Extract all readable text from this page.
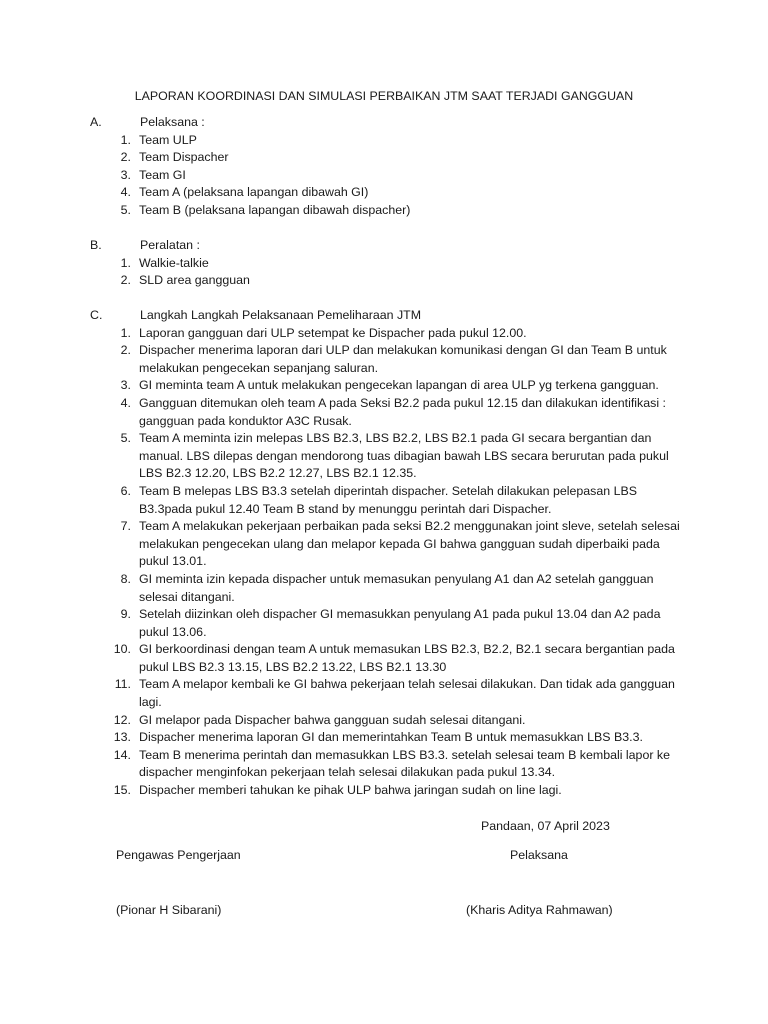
LAPORAN KOORDINASI DAN SIMULASI PERBAIKAN JTM SAAT TERJADI GANGGUAN
A.	Pelaksana :
1. Team ULP
2. Team Dispacher
3. Team GI
4. Team A (pelaksana lapangan dibawah GI)
5. Team B (pelaksana lapangan dibawah dispacher)
B.	Peralatan :
1. Walkie-talkie
2. SLD area gangguan
C.	Langkah Langkah Pelaksanaan Pemeliharaan JTM
1. Laporan gangguan dari ULP setempat ke Dispacher pada pukul 12.00.
2. Dispacher menerima laporan dari ULP dan melakukan komunikasi dengan GI dan Team B untuk melakukan pengecekan sepanjang saluran.
3. GI meminta team A untuk melakukan pengecekan lapangan di area ULP yg terkena gangguan.
4. Gangguan ditemukan oleh team A pada Seksi B2.2 pada pukul 12.15 dan dilakukan identifikasi : gangguan pada konduktor A3C Rusak.
5. Team A meminta izin melepas LBS B2.3, LBS B2.2, LBS B2.1 pada GI secara bergantian dan manual. LBS dilepas dengan mendorong tuas dibagian bawah LBS secara berurutan pada pukul LBS B2.3 12.20, LBS B2.2 12.27, LBS B2.1 12.35.
6. Team B melepas LBS B3.3 setelah diperintah dispacher. Setelah dilakukan pelepasan LBS B3.3pada pukul 12.40 Team B stand by menunggu perintah dari Dispacher.
7. Team A melakukan pekerjaan perbaikan pada seksi B2.2 menggunakan joint sleve, setelah selesai melakukan pengecekan ulang dan melapor kepada GI bahwa gangguan sudah diperbaiki pada pukul 13.01.
8. GI meminta izin kepada dispacher untuk memasukan penyulang A1 dan A2 setelah gangguan selesai ditangani.
9. Setelah diizinkan oleh dispacher GI memasukkan penyulang A1 pada pukul 13.04 dan A2 pada pukul 13.06.
10. GI berkoordinasi dengan team A untuk memasukan LBS B2.3, B2.2, B2.1 secara bergantian pada pukul LBS B2.3 13.15, LBS B2.2 13.22, LBS B2.1 13.30
11. Team A melapor kembali ke GI bahwa pekerjaan telah selesai dilakukan. Dan tidak ada gangguan lagi.
12. GI melapor pada Dispacher bahwa gangguan sudah selesai ditangani.
13. Dispacher menerima laporan GI dan memerintahkan Team B untuk memasukkan LBS B3.3.
14. Team B menerima perintah dan memasukkan LBS B3.3. setelah selesai team B kembali lapor ke dispacher menginfokan pekerjaan telah selesai dilakukan pada pukul 13.34.
15. Dispacher memberi tahukan ke pihak ULP bahwa jaringan sudah on line lagi.
Pandaan, 07 April 2023
Pengawas Pengerjaan	Pelaksana
(Pionar H Sibarani)	(Kharis Aditya Rahmawan)
